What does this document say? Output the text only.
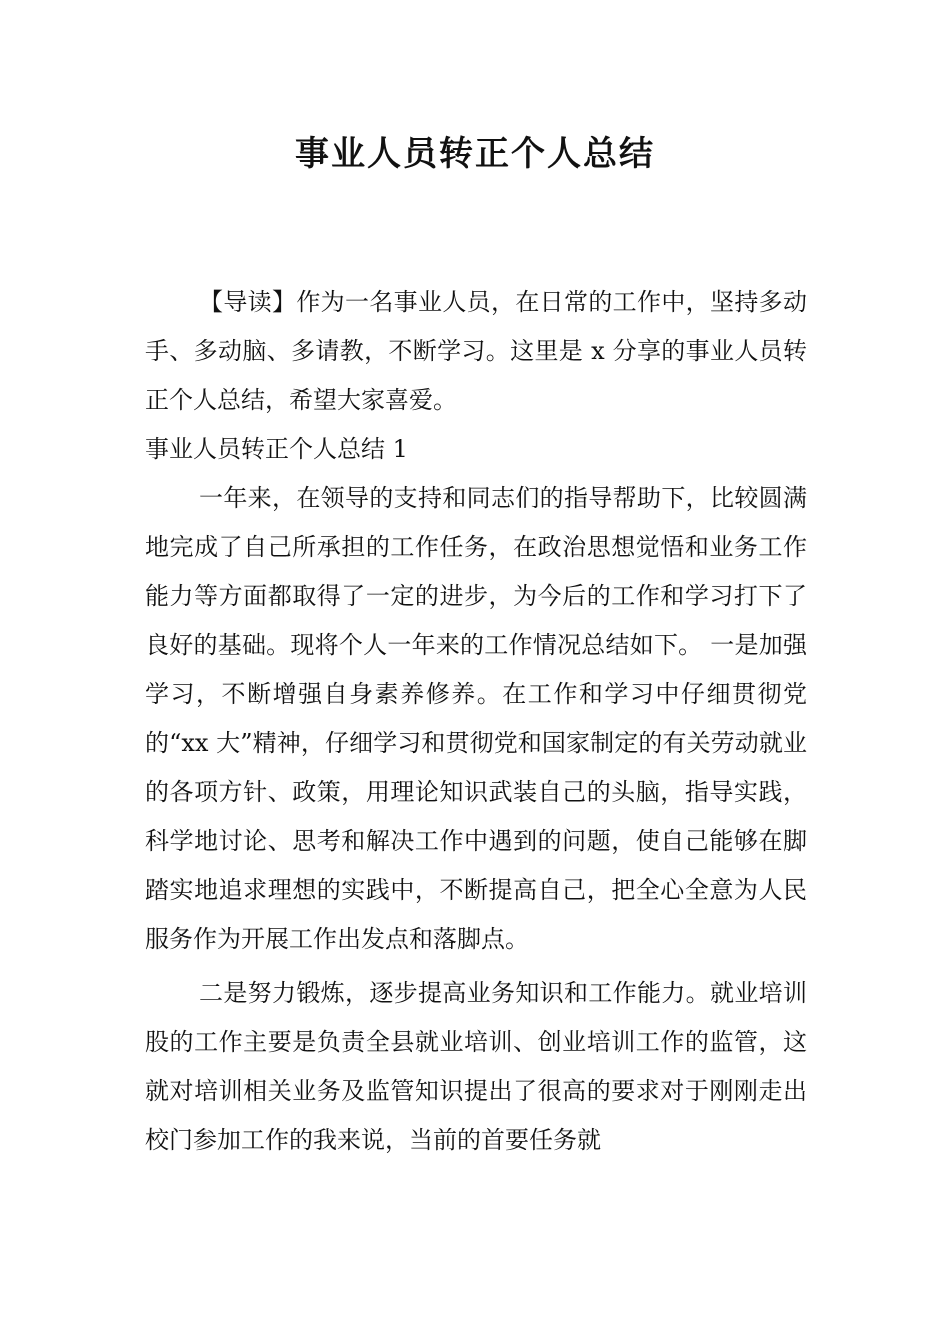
事业人员转正个人总结

【导读】作为一名事业人员，在日常的工作中，坚持多动手、多动脑、多请教，不断学习。这里是 x 分享的事业人员转正个人总结，希望大家喜爱。

事业人员转正个人总结 1

一年来，在领导的支持和同志们的指导帮助下，比较圆满地完成了自己所承担的工作任务，在政治思想觉悟和业务工作能力等方面都取得了一定的进步，为今后的工作和学习打下了良好的基础。现将个人一年来的工作情况总结如下。 一是加强学习，不断增强自身素养修养。在工作和学习中仔细贯彻党的“xx 大”精神，仔细学习和贯彻党和国家制定的有关劳动就业的各项方针、政策，用理论知识武装自己的头脑，指导实践，科学地讨论、思考和解决工作中遇到的问题，使自己能够在脚踏实地追求理想的实践中，不断提高自己，把全心全意为人民服务作为开展工作出发点和落脚点。

二是努力锻炼，逐步提高业务知识和工作能力。就业培训股的工作主要是负责全县就业培训、创业培训工作的监管，这就对培训相关业务及监管知识提出了很高的要求对于刚刚走出校门参加工作的我来说，当前的首要任务就
